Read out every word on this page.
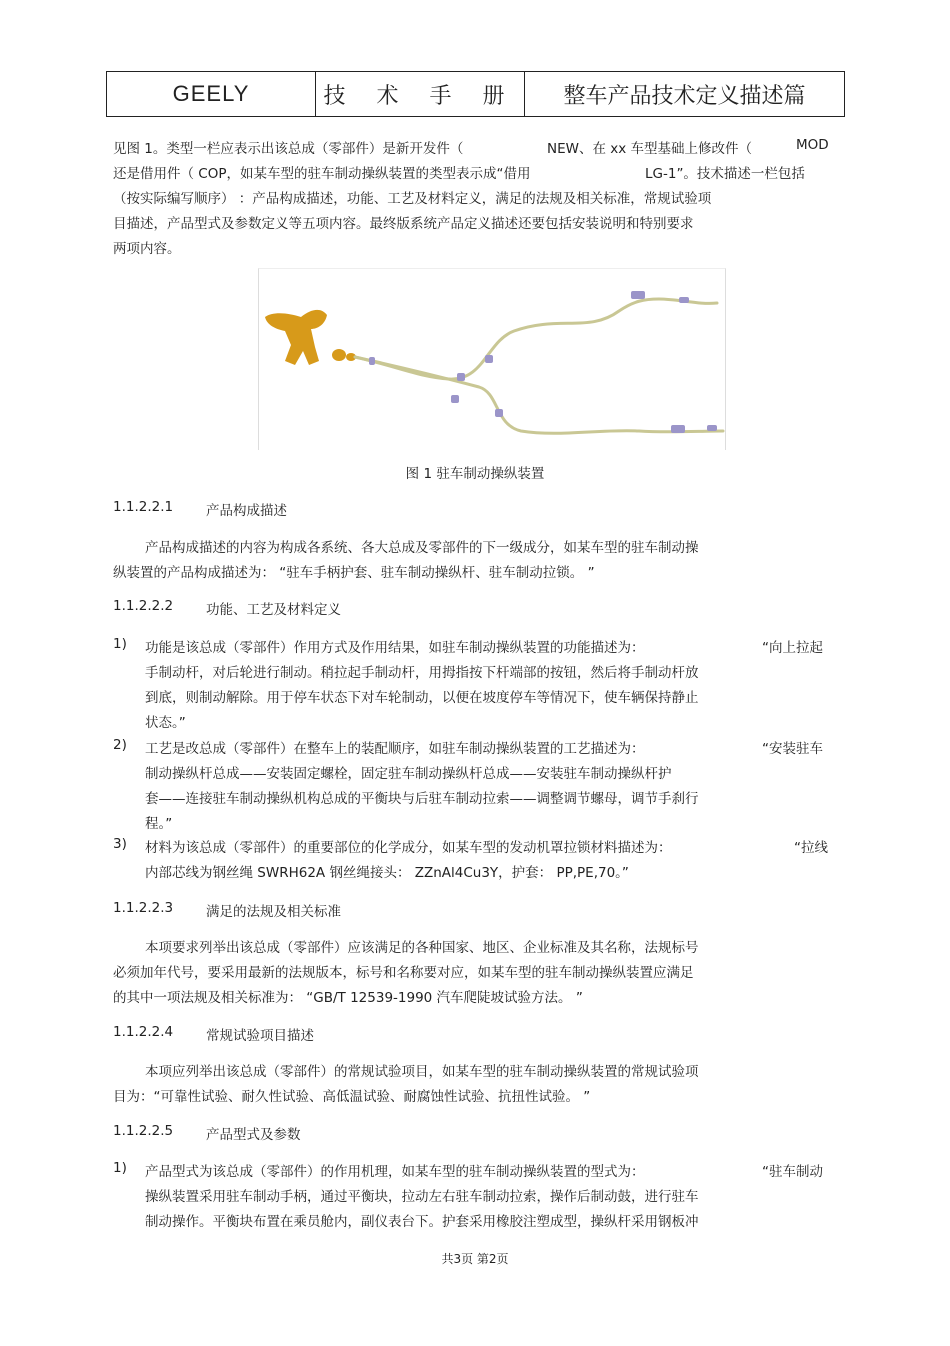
GEELY	技 术 手 册	整车产品技术定义描述篇
见图 1。类型一栏应表示出该总成（零部件）是新开发件（	NEW、在 xx 车型基础上修改件（	MOD
还是借用件（ COP，如某车型的驻车制动操纵装置的类型表示成“借用	LG-1”。技术描述一栏包括
（按实际编写顺序） ：产品构成描述，功能、工艺及材料定义，满足的法规及相关标准，常规试验项
目描述，产品型式及参数定义等五项内容。最终版系统产品定义描述还要包括安装说明和特别要求
两项内容。
图 1 驻车制动操纵装置
1.1.2.2.1 产品构成描述
产品构成描述的内容为构成各系统、各大总成及零部件的下一级成分，如某车型的驻车制动操
纵装置的产品构成描述为： “驻车手柄护套、驻车制动操纵杆、驻车制动拉锁。 ”
1.1.2.2.2 功能、工艺及材料定义
1) 功能是该总成（零部件）作用方式及作用结果，如驻车制动操纵装置的功能描述为：	“向上拉起
手制动杆，对后轮进行制动。稍拉起手制动杆，用拇指按下杆端部的按钮，然后将手制动杆放
到底，则制动解除。用于停车状态下对车轮制动，以便在坡度停车等情况下，使车辆保持静止
状态。”
2) 工艺是改总成（零部件）在整车上的装配顺序，如驻车制动操纵装置的工艺描述为：	“安装驻车
制动操纵杆总成——安装固定螺栓，固定驻车制动操纵杆总成——安装驻车制动操纵杆护
套——连接驻车制动操纵机构总成的平衡块与后驻车制动拉索——调整调节螺母，调节手刹行
程。”
3) 材料为该总成（零部件）的重要部位的化学成分，如某车型的发动机罩拉锁材料描述为：	“拉线
内部芯线为钢丝绳 SWRH62A 钢丝绳接头： ZZnAl4Cu3Y，护套： PP,PE,70。”
1.1.2.2.3 满足的法规及相关标准
本项要求列举出该总成（零部件）应该满足的各种国家、地区、企业标准及其名称，法规标号
必须加年代号，要采用最新的法规版本，标号和名称要对应，如某车型的驻车制动操纵装置应满足
的其中一项法规及相关标准为： “GB/T 12539-1990 汽车爬陡坡试验方法。 ”
1.1.2.2.4 常规试验项目描述
本项应列举出该总成（零部件）的常规试验项目，如某车型的驻车制动操纵装置的常规试验项
目为：“可靠性试验、耐久性试验、高低温试验、耐腐蚀性试验、抗扭性试验。 ”
1.1.2.2.5 产品型式及参数
1) 产品型式为该总成（零部件）的作用机理，如某车型的驻车制动操纵装置的型式为：	“驻车制动
操纵装置采用驻车制动手柄，通过平衡块，拉动左右驻车制动拉索，操作后制动鼓，进行驻车
制动操作。平衡块布置在乘员舱内，副仪表台下。护套采用橡胶注塑成型，操纵杆采用钢板冲
共3页 第2页
